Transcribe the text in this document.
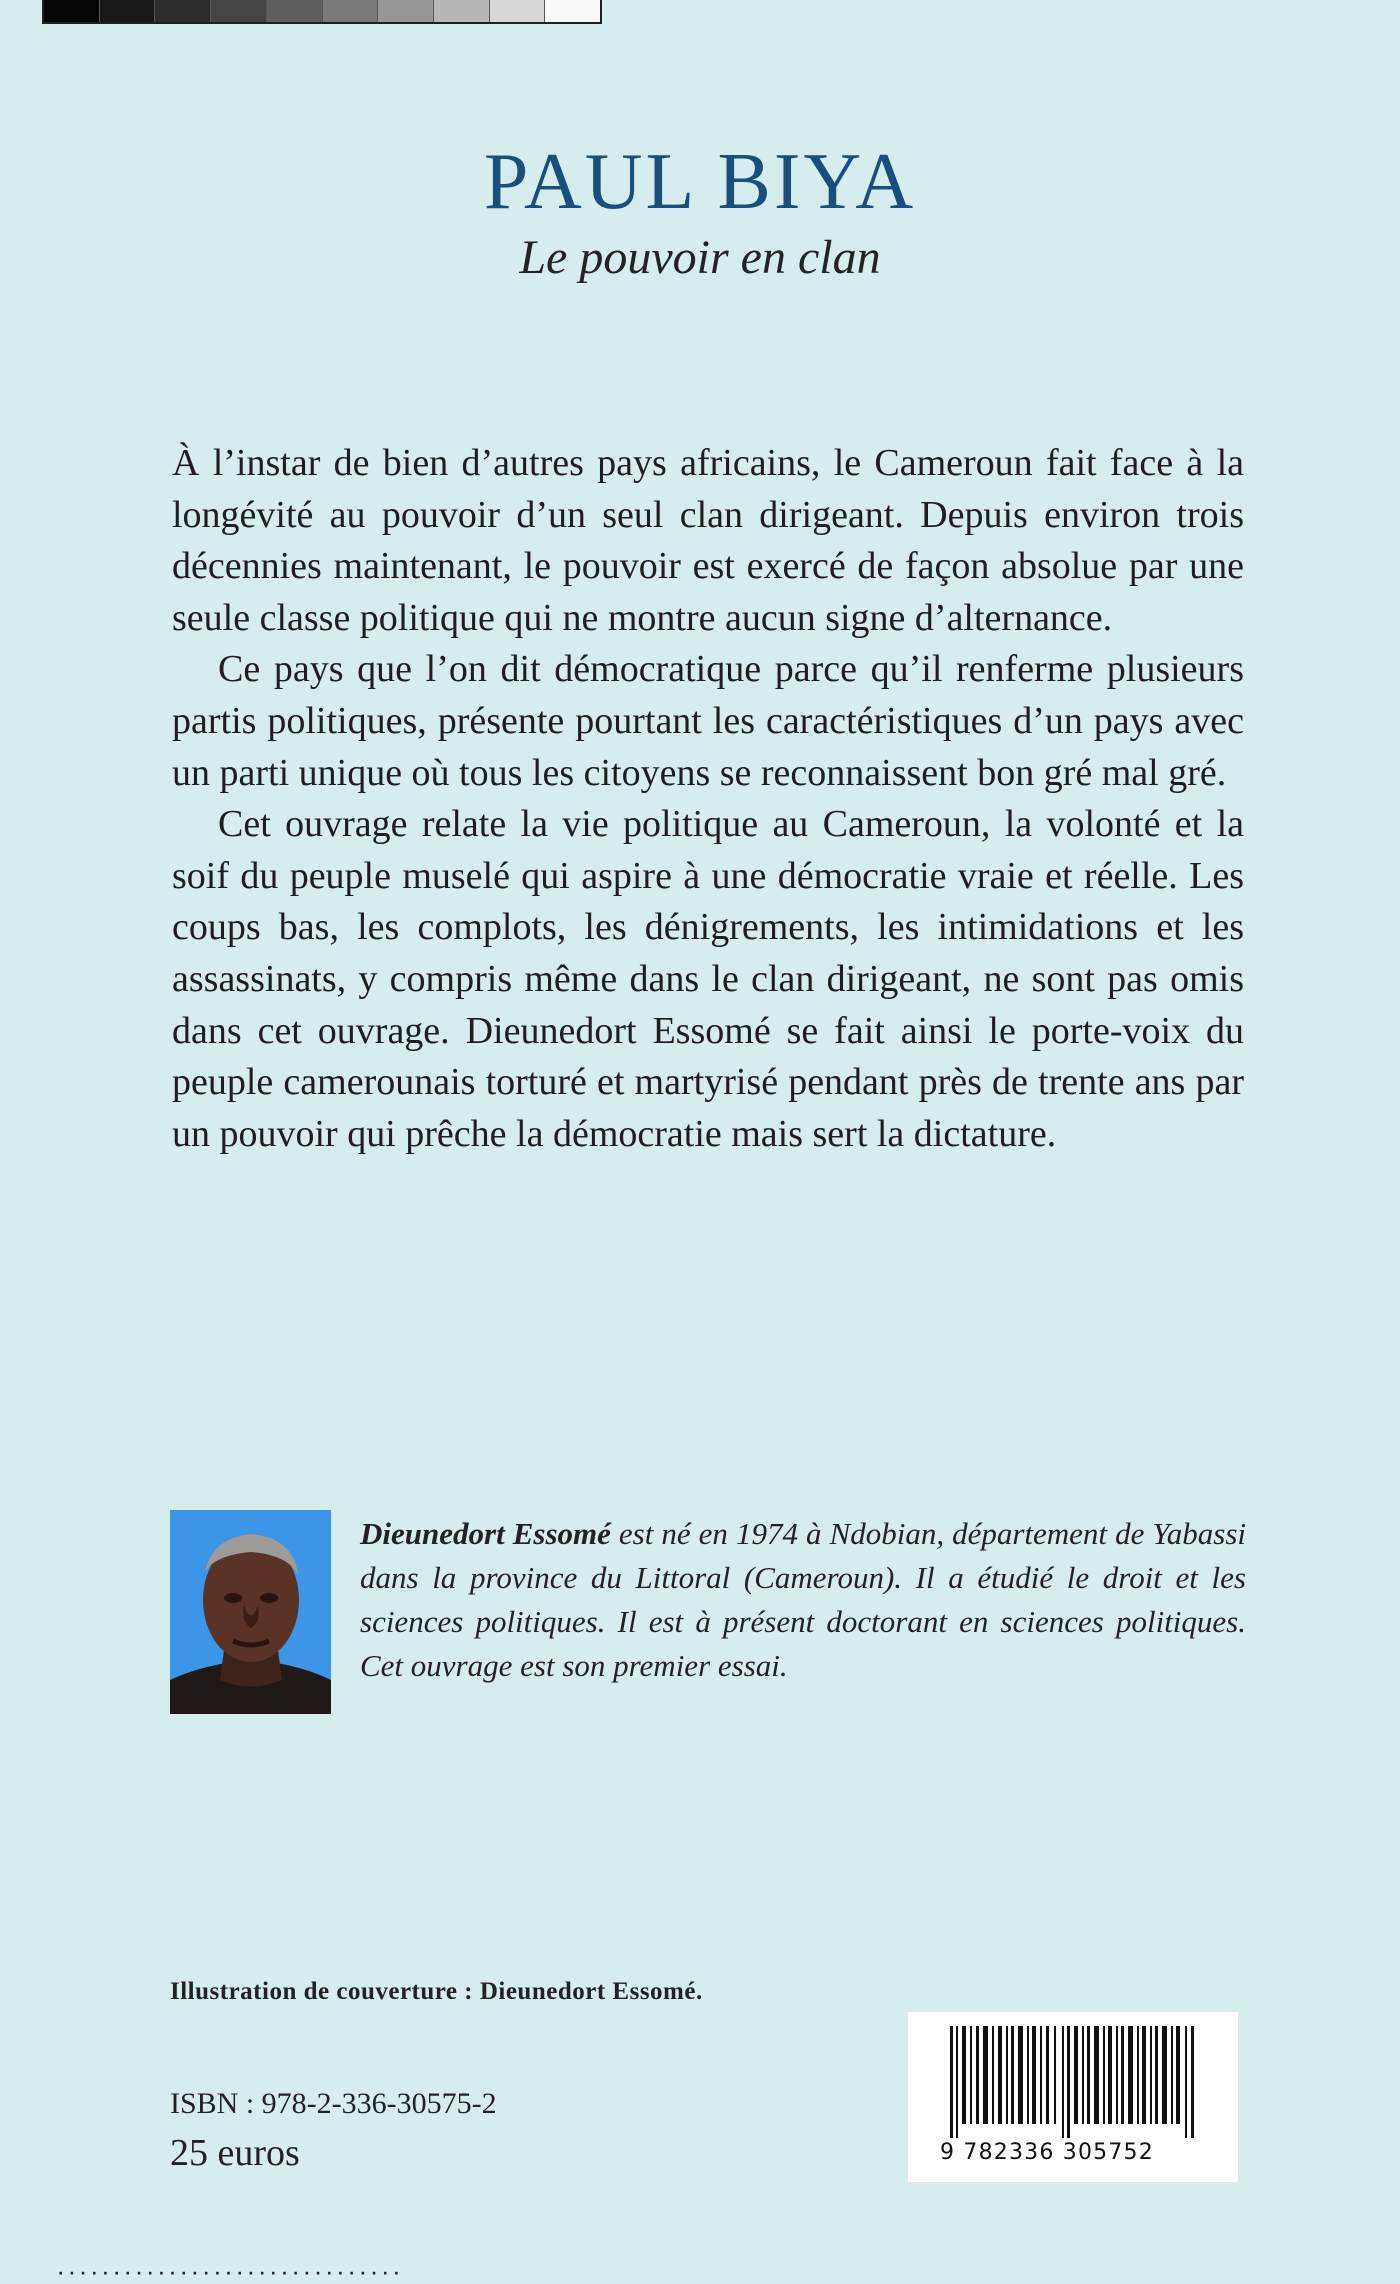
PAUL BIYA
Le pouvoir en clan

À l’instar de bien d’autres pays africains, le Cameroun fait face à la longévité au pouvoir d’un seul clan dirigeant. Depuis environ trois décennies maintenant, le pouvoir est exercé de façon absolue par une seule classe politique qui ne montre aucun signe d’alternance.

Ce pays que l’on dit démocratique parce qu’il renferme plusieurs partis politiques, présente pourtant les caractéristiques d’un pays avec un parti unique où tous les citoyens se reconnaissent bon gré mal gré.

Cet ouvrage relate la vie politique au Cameroun, la volonté et la soif du peuple muselé qui aspire à une démocratie vraie et réelle. Les coups bas, les complots, les dénigrements, les intimidations et les assassinats, y compris même dans le clan dirigeant, ne sont pas omis dans cet ouvrage. Dieunedort Essomé se fait ainsi le porte-voix du peuple camerounais torturé et martyrisé pendant près de trente ans par un pouvoir qui prêche la démocratie mais sert la dictature.

Dieunedort Essomé est né en 1974 à Ndobian, département de Yabassi dans la province du Littoral (Cameroun). Il a étudié le droit et les sciences politiques. Il est à présent doctorant en sciences politiques. Cet ouvrage est son premier essai.
Illustration de couverture : Dieunedort Essomé.
ISBN : 978-2-336-30575-2
25 euros	9 782336 305752
· · · · · · · · · · · · · · · · · · · · · · · · · · · · · · ·
